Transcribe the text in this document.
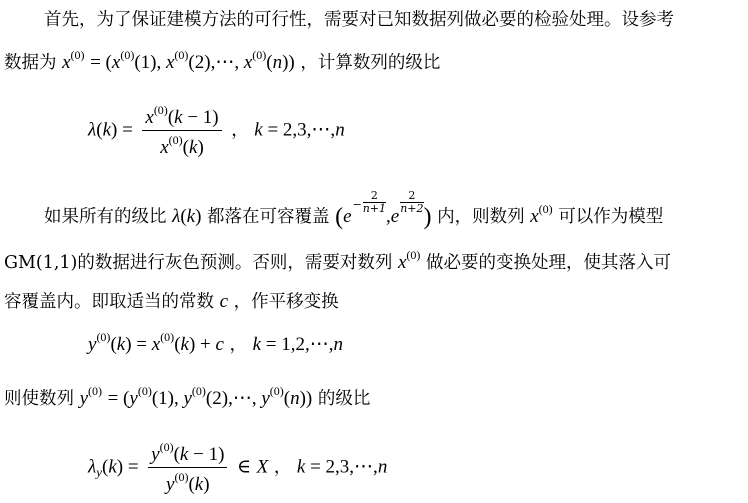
首先，为了保证建模方法的可行性，需要对已知数据列做必要的检验处理。设参考
数据为 $x^{(0)} = (x^{(0)}(1)$, $x^{(0)}(2),\cdots$, $x^{(0)}(n)$) ，计算数列的级比
$\lambda(k) = \frac{x^{(0)}(k - 1)}{x^{(0)}(k)}$ ， k = 2,3,⋯,n
如果所有的级比 λ(k) 都落在可容覆盖 ($e^- \frac{2}{n+1}$
,e
$\frac{2}{n+2}$
) 内，则数列 $x^{(0)}$ 可以作为模型
GM(1,1)的数据进行灰色预测。否则，需要对数列 $x^{(0)}$ 做必要的变换处理，使其落入可
容覆盖内。即取适当的常数 c ，作平移变换
$y^{(0)}(k) = x^{(0)}(k) + c$ ， k = 1,2,⋯,n
则使数列 $y^{(0)} = (y^{(0)}(1)$, $y^{(0)}(2),\cdots$, $y^{(0)}(n)$) 的级比
$\lambda_y(k) = \frac{y^{(0)}(k - 1)}{y^{(0)}(k)}$ ∈ X ， k = 2,3,⋯,n
